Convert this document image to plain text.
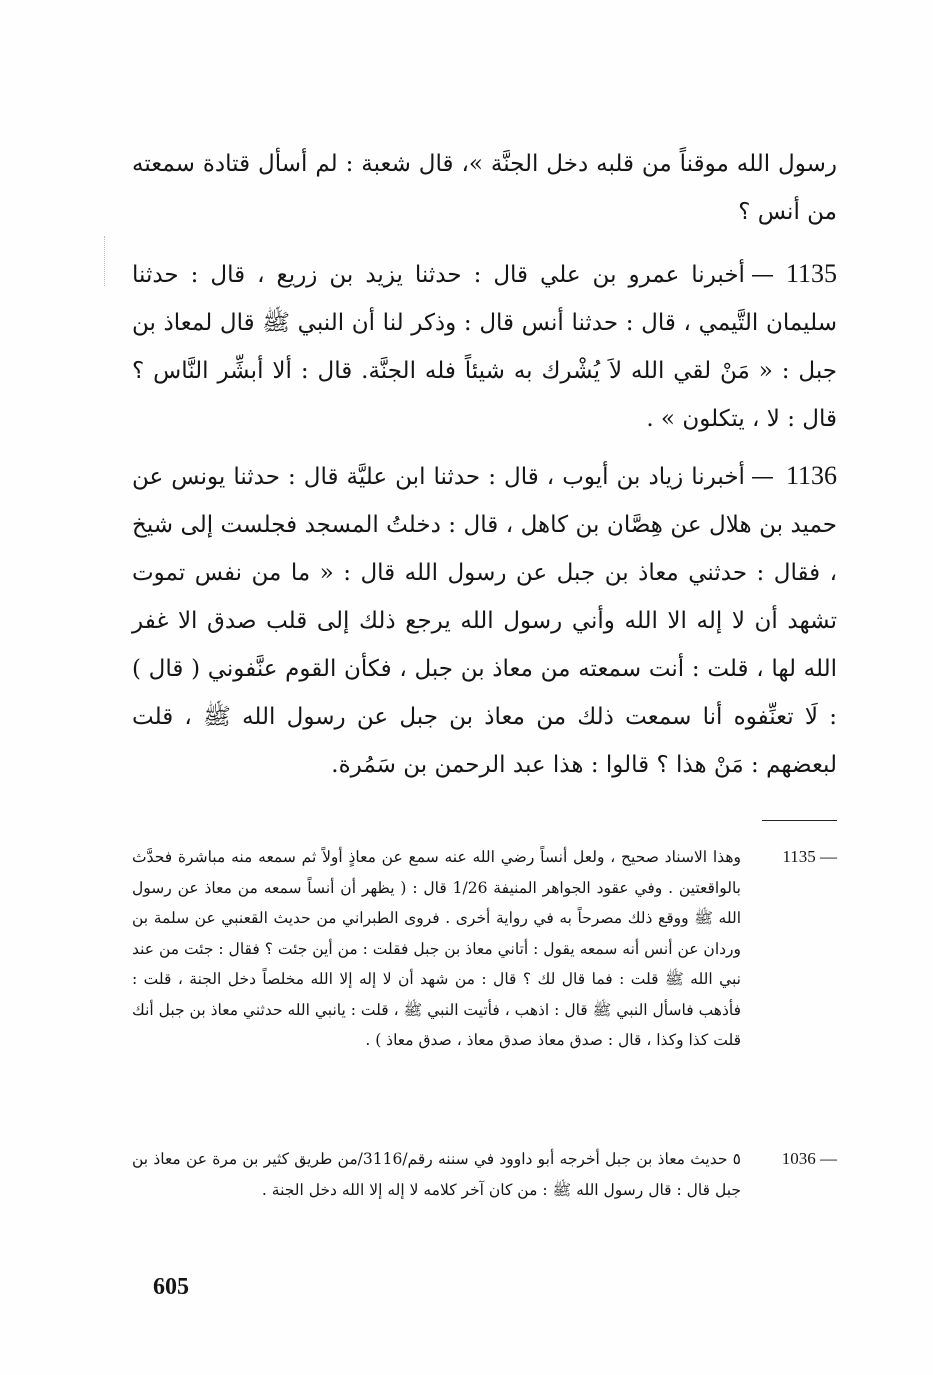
رسول الله موقناً من قلبه دخل الجنَّة »، قال شعبة : لم أسأل قتادة سمعته من أنس ؟

1135—أخبرنا عمرو بن علي قال : حدثنا يزيد بن زريع ، قال : حدثنا سليمان التَّيمي ، قال : حدثنا أنس قال : وذكر لنا أن النبي ﷺ قال لمعاذ بن جبل : « مَنْ لقي الله لاَ يُشْرك به شيئاً فله الجنَّة. قال : ألا أبشِّر النَّاس ؟ قال : لا ، يتكلون » .

1136—أخبرنا زياد بن أيوب ، قال : حدثنا ابن عليَّة قال : حدثنا يونس عن حميد بن هلال عن هِصَّان بن كاهل ، قال : دخلتُ المسجد فجلست إلى شيخ ، فقال : حدثني معاذ بن جبل عن رسول الله قال : « ما من نفس تموت تشهد أن لا إله الا الله وأني رسول الله يرجع ذلك إلى قلب صدق الا غفر الله لها ، قلت : أنت سمعته من معاذ بن جبل ، فكأن القوم عنَّفوني ( قال ) : لَا تعنِّفوه أنا سمعت ذلك من معاذ بن جبل عن رسول الله ﷺ ، قلت لبعضهم : مَنْ هذا ؟ قالوا : هذا عبد الرحمن بن سَمُرة.

1135 —
وهذا الاسناد صحيح ، ولعل أنساً رضي الله عنه سمع عن معاذٍ أولاً ثم سمعه منه مباشرة فحدَّث بالواقعتين . وفي عقود الجواهر المنيفة 1/26 قال : ( يظهر أن أنساً سمعه من معاذ عن رسول الله ﷺ ووقع ذلك مصرحاً به في رواية أخرى . فروى الطبراني من حديث القعنبي عن سلمة بن وردان عن أنس أنه سمعه يقول : أتاني معاذ بن جبل فقلت : من أين جئت ؟ فقال : جئت من عند نبي الله ﷺ قلت : فما قال لك ؟ قال : من شهد أن لا إله إلا الله مخلصاً دخل الجنة ، قلت : فأذهب فاسأل النبي ﷺ قال : اذهب ، فأتيت النبي ﷺ ، قلت : يانبي الله حدثني معاذ بن جبل أنك قلت كذا وكذا ، قال : صدق معاذ صدق معاذ ، صدق معاذ ) .
1036 —
٥ حديث معاذ بن جبل أخرجه أبو داوود في سننه رقم/3116/من طريق كثير بن مرة عن معاذ بن جبل قال : قال رسول الله ﷺ : من كان آخر كلامه لا إله إلا الله دخل الجنة .
605
